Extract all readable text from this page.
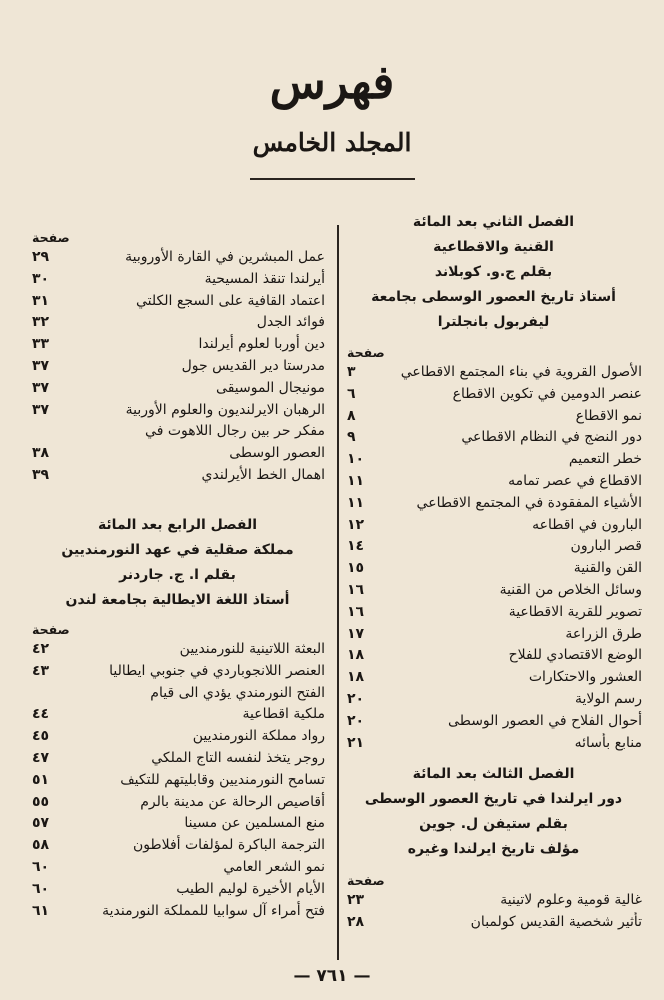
فهرس
المجلد الخامس
الفصل الثاني بعد المائة
القنية والاقطاعية
بقلم ج.و. كوبلاند
أستاذ تاريخ العصور الوسطى بجامعة
ليفربول بانجلترا
صفحة
الأصول القروية في بناء المجتمع الاقطاعي
٣
عنصر الدومين في تكوين الاقطاع
٦
نمو الاقطاع
٨
دور النضج في النظام الاقطاعي
٩
خطر التعميم
١٠
الاقطاع في عصر تمامه
١١
الأشياء المفقودة في المجتمع الاقطاعي
١١
البارون في اقطاعه
١٢
قصر البارون
١٤
القن والقنية
١٥
وسائل الخلاص من القنية
١٦
تصوير للقرية الاقطاعية
١٦
طرق الزراعة
١٧
الوضع الاقتصادي للفلاح
١٨
العشور والاحتكارات
١٨
رسم الولاية
٢٠
أحوال الفلاح في العصور الوسطى
٢٠
منابع بأسائه
٢١
الفصل الثالث بعد المائة
دور ايرلندا في تاريخ العصور الوسطى
بقلم ستيفن ل. جوين
مؤلف تاريخ ايرلندا وغيره
صفحة
غالية قومية وعلوم لاتينية
٢٣
تأثير شخصية القديس كولمبان
٢٨
صفحة
عمل المبشرين في القارة الأوروبية
٢٩
أيرلندا تنقذ المسيحية
٣٠
اعتماد القافية على السجع الكلتي
٣١
فوائد الجدل
٣٢
دين أوربا لعلوم أيرلندا
٣٣
مدرستا دير القديس جول
٣٧
مونيجال الموسيقى
٣٧
الرهبان الايرلنديون والعلوم الأوربية
٣٧
مفكر حر بين رجال اللاهوت في
العصور الوسطى
٣٨
اهمال الخط الأيرلندي
٣٩
الفصل الرابع بعد المائة
مملكة صقلية في عهد النورمنديين
بقلم ا. ج. جاردنر
أستاذ اللغة الايطالية بجامعة لندن
صفحة
البعثة اللاتينية للنورمنديين
٤٢
العنصر اللانجوباردي في جنوبي ايطاليا
٤٣
الفتح النورمندي يؤدي الى قيام
ملكية اقطاعية
٤٤
رواد مملكة النورمنديين
٤٥
روجر يتخذ لنفسه التاج الملكي
٤٧
تسامح النورمنديين وقابليتهم للتكيف
٥١
أقاصيص الرحالة عن مدينة بالرم
٥٥
منع المسلمين عن مسينا
٥٧
الترجمة الباكرة لمؤلفات أفلاطون
٥٨
نمو الشعر العامي
٦٠
الأيام الأخيرة لوليم الطيب
٦٠
فتح أمراء آل سوابيا للمملكة النورمندية
٦١
— ٧٦١ —
